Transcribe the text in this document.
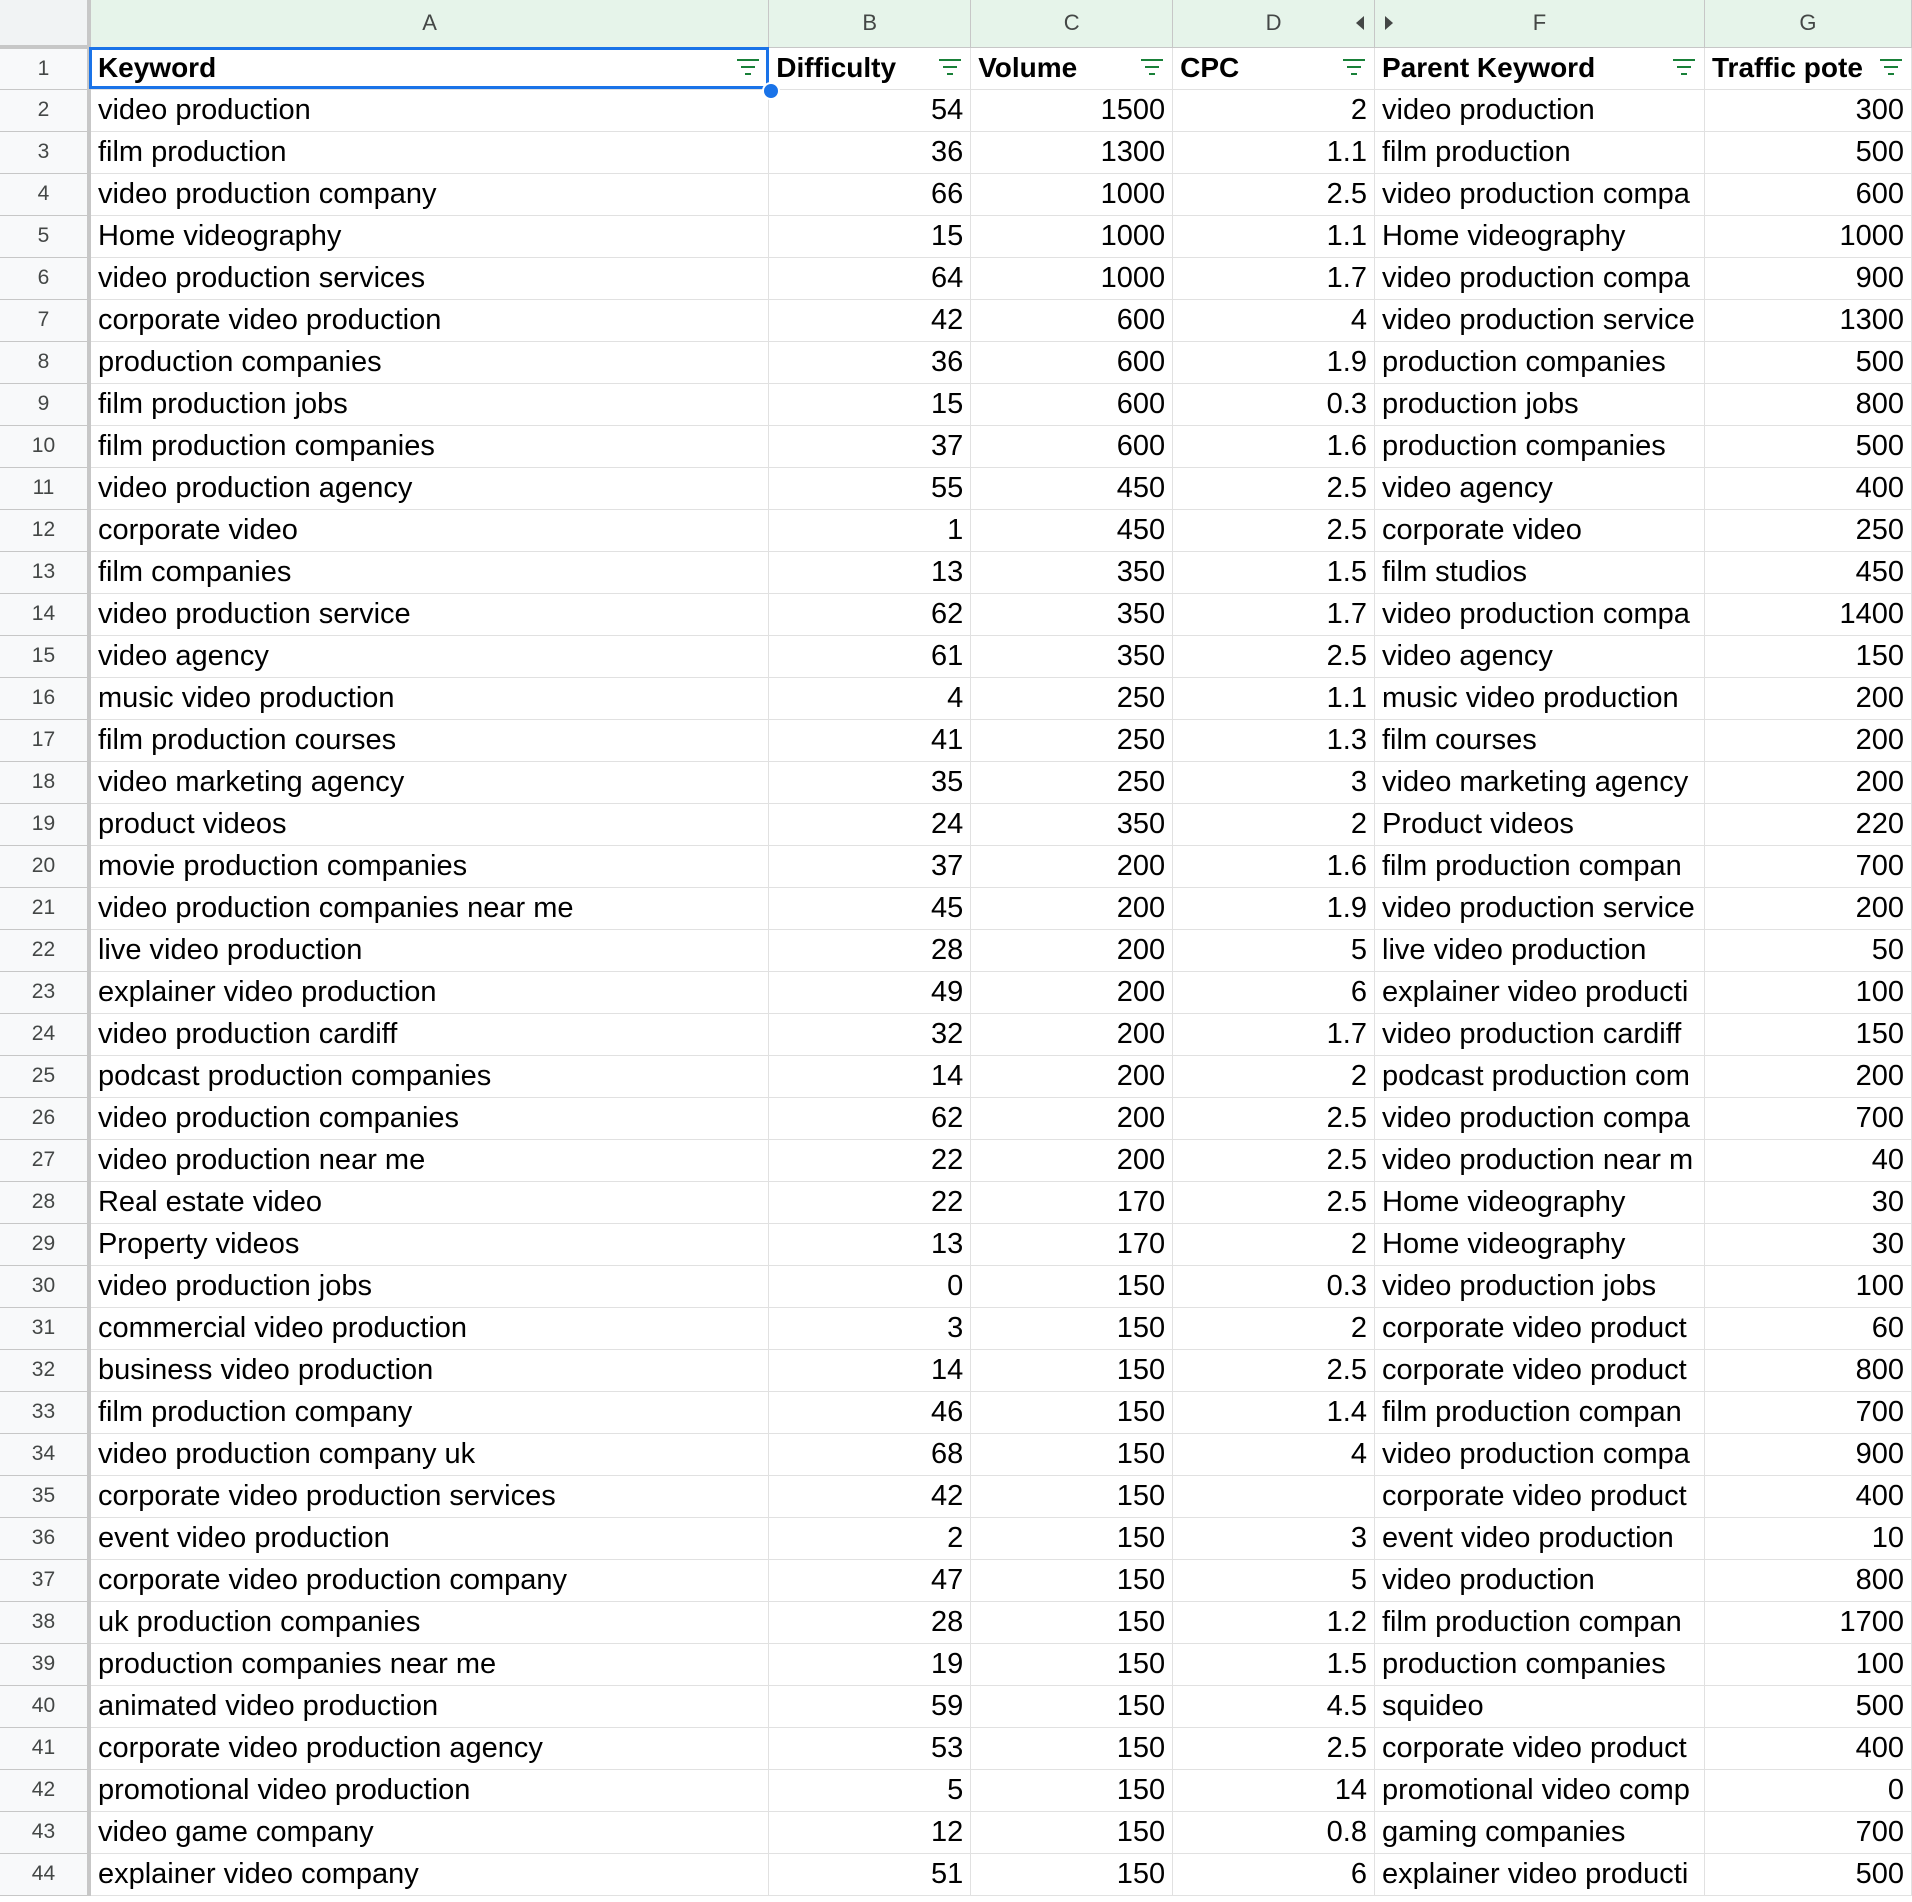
	A	B	C	D	F	G
1	Keyword	Difficulty	Volume	CPC	Parent Keyword	Traffic pote

2	video production	54	1500	2	video production	300
3	film production	36	1300	1.1	film production	500
4	video production company	66	1000	2.5	video production compa	600
5	Home videography	15	1000	1.1	Home videography	1000
6	video production services	64	1000	1.7	video production compa	900
7	corporate video production	42	600	4	video production service	1300
8	production companies	36	600	1.9	production companies	500
9	film production jobs	15	600	0.3	production jobs	800
10	film production companies	37	600	1.6	production companies	500
11	video production agency	55	450	2.5	video agency	400
12	corporate video	1	450	2.5	corporate video	250
13	film companies	13	350	1.5	film studios	450
14	video production service	62	350	1.7	video production compa	1400
15	video agency	61	350	2.5	video agency	150
16	music video production	4	250	1.1	music video production	200
17	film production courses	41	250	1.3	film courses	200
18	video marketing agency	35	250	3	video marketing agency	200
19	product videos	24	350	2	Product videos	220
20	movie production companies	37	200	1.6	film production compan	700
21	video production companies near me	45	200	1.9	video production service	200
22	live video production	28	200	5	live video production	50
23	explainer video production	49	200	6	explainer video producti	100
24	video production cardiff	32	200	1.7	video production cardiff	150
25	podcast production companies	14	200	2	podcast production com	200
26	video production companies	62	200	2.5	video production compa	700
27	video production near me	22	200	2.5	video production near m	40
28	Real estate video	22	170	2.5	Home videography	30
29	Property videos	13	170	2	Home videography	30
30	video production jobs	0	150	0.3	video production jobs	100
31	commercial video production	3	150	2	corporate video product	60
32	business video production	14	150	2.5	corporate video product	800
33	film production company	46	150	1.4	film production compan	700
34	video production company uk	68	150	4	video production compa	900
35	corporate video production services	42	150		corporate video product	400
36	event video production	2	150	3	event video production	10
37	corporate video production company	47	150	5	video production	800
38	uk production companies	28	150	1.2	film production compan	1700
39	production companies near me	19	150	1.5	production companies	100
40	animated video production	59	150	4.5	squideo	500
41	corporate video production agency	53	150	2.5	corporate video product	400
42	promotional video production	5	150	14	promotional video comp	0
43	video game company	12	150	0.8	gaming companies	700
44	explainer video company	51	150	6	explainer video producti	500
